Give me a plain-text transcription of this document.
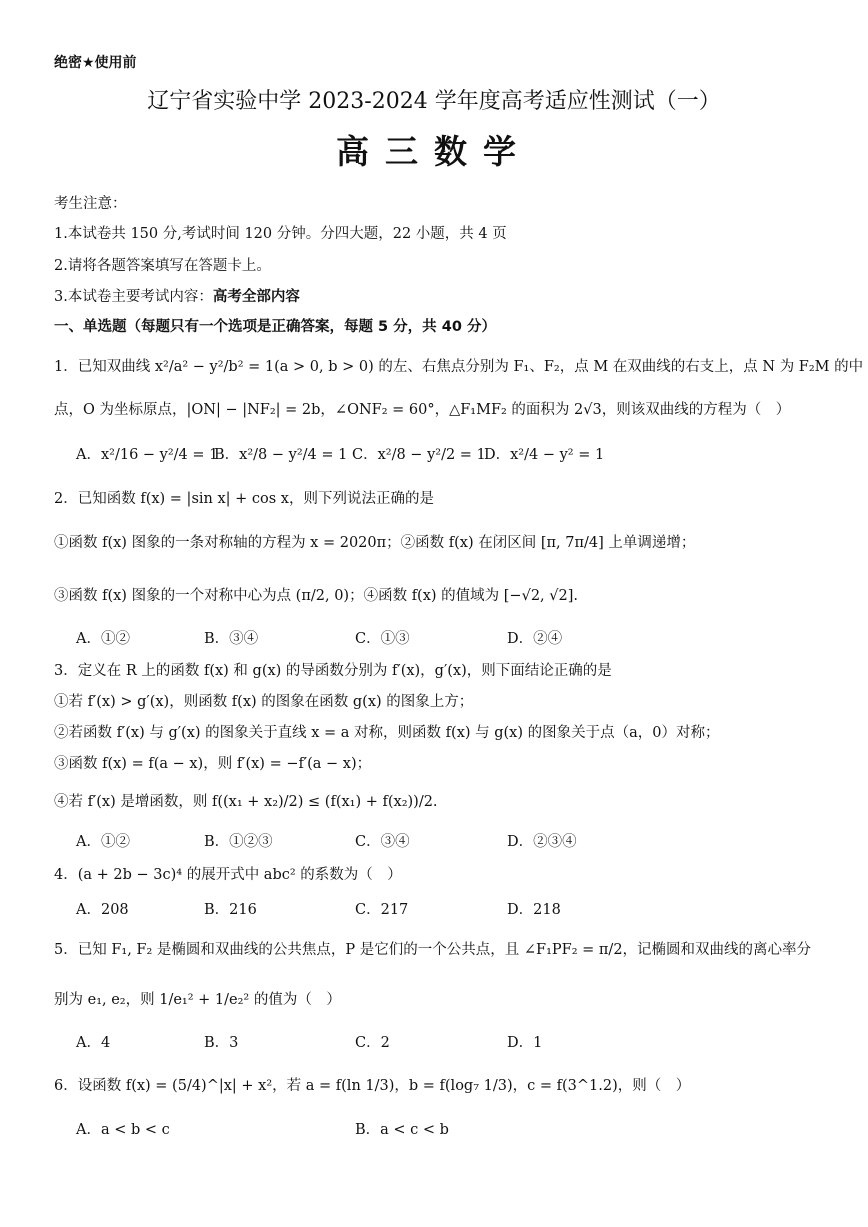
绝密★使用前
辽宁省实验中学 2023-2024 学年度高考适应性测试（一）
高三数学
考生注意：
1.本试卷共 150 分,考试时间 120 分钟。分四大题，22 小题，共 4 页
2.请将各题答案填写在答题卡上。
3.本试卷主要考试内容：高考全部内容
一、单选题（每题只有一个选项是正确答案，每题 5 分，共 40 分）
1．已知双曲线 x²/a² − y²/b² = 1(a > 0, b > 0) 的左、右焦点分别为 F₁、F₂，点 M 在双曲线的右支上，点 N 为 F₂M 的中
点，O 为坐标原点，|ON| − |NF₂| = 2b，∠ONF₂ = 60°，△F₁MF₂ 的面积为 2√3，则该双曲线的方程为（　）
A．x²/16 − y²/4 = 1
B．x²/8 − y²/4 = 1 C．x²/8 − y²/2 = 1
D．x²/4 − y² = 1
2．已知函数 f(x) = |sin x| + cos x，则下列说法正确的是
①函数 f(x) 图象的一条对称轴的方程为 x = 2020π；②函数 f(x) 在闭区间 [π, 7π/4] 上单调递增；
③函数 f(x) 图象的一个对称中心为点 (π/2, 0)；④函数 f(x) 的值域为 [−√2, √2].
A．①②	B．③④	C．①③	D．②④
3．定义在 R 上的函数 f(x) 和 g(x) 的导函数分别为 f′(x)，g′(x)，则下面结论正确的是
①若 f′(x) > g′(x)，则函数 f(x) 的图象在函数 g(x) 的图象上方；
②若函数 f′(x) 与 g′(x) 的图象关于直线 x = a 对称，则函数 f(x) 与 g(x) 的图象关于点（a，0）对称；
③函数 f(x) = f(a − x)，则 f′(x) = −f′(a − x)；
④若 f′(x) 是增函数，则 f((x₁ + x₂)/2) ≤ (f(x₁) + f(x₂))/2.
A．①②	B．①②③	C．③④	D．②③④
4．(a + 2b − 3c)⁴ 的展开式中 abc² 的系数为（　）
A．208	B．216	C．217	D．218
5．已知 F₁, F₂ 是椭圆和双曲线的公共焦点，P 是它们的一个公共点，且 ∠F₁PF₂ = π/2，记椭圆和双曲线的离心率分
别为 e₁, e₂，则 1/e₁² + 1/e₂² 的值为（　）
A．4	B．3	C．2	D．1
6．设函数 f(x) = (5/4)^|x| + x²，若 a = f(ln 1/3)，b = f(log₇ 1/3)，c = f(3^1.2)，则（　）
A．a < b < c	B．a < c < b
